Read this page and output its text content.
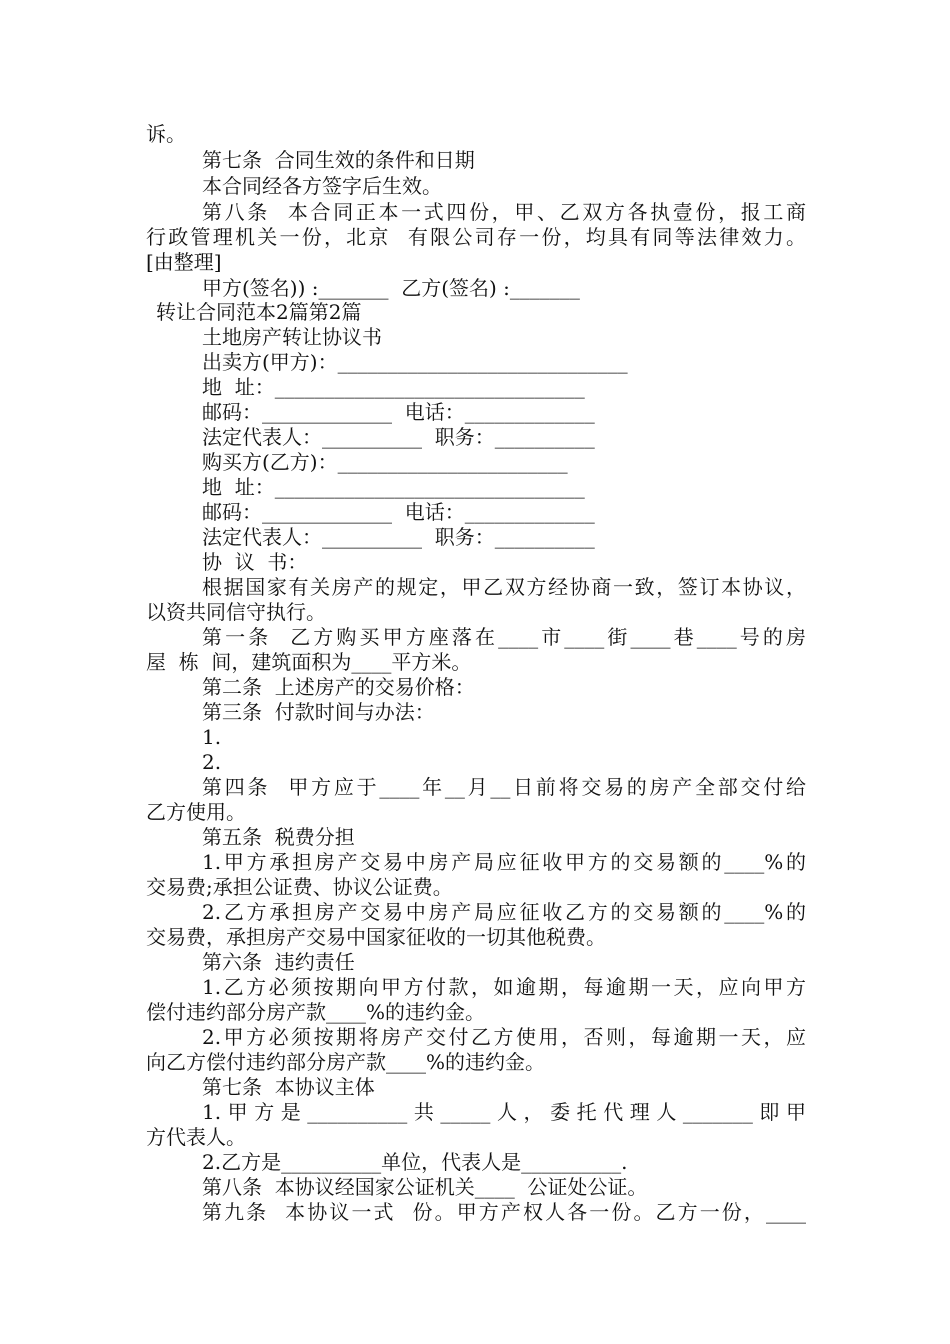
诉。
第七条  合同生效的条件和日期
本合同经各方签字后生效。
第八条  本合同正本一式四份，甲、乙双方各执壹份，报工商
行政管理机关一份，北京  有限公司存一份，均具有同等法律效力。
[由整理]
甲方(签名)) :_______  乙方(签名) :_______
转让合同范本2篇第2篇
土地房产转让协议书
出卖方(甲方)：_____________________________
地  址：_______________________________
邮码：_____________  电话：_____________
法定代表人：__________  职务：__________
购买方(乙方)：_______________________
地  址：_______________________________
邮码：_____________  电话：_____________
法定代表人：__________  职务：__________
协  议  书：
根据国家有关房产的规定，甲乙双方经协商一致，签订本协议，
以资共同信守执行。
第一条  乙方购买甲方座落在____市____街____巷____号的房
屋  栋  间，建筑面积为____平方米。
第二条  上述房产的交易价格：
第三条  付款时间与办法：
1.
2.
第四条  甲方应于____年__月__日前将交易的房产全部交付给
乙方使用。
第五条  税费分担
1.甲方承担房产交易中房产局应征收甲方的交易额的____%的
交易费;承担公证费、协议公证费。
2.乙方承担房产交易中房产局应征收乙方的交易额的____%的
交易费，承担房产交易中国家征收的一切其他税费。
第六条  违约责任
1.乙方必须按期向甲方付款，如逾期，每逾期一天，应向甲方
偿付违约部分房产款____%的违约金。
2.甲方必须按期将房产交付乙方使用，否则，每逾期一天，应
向乙方偿付违约部分房产款____%的违约金。
第七条  本协议主体
1.甲方是__________共_____人，委托代理人_______即甲
方代表人。
2.乙方是__________单位，代表人是__________.
第八条  本协议经国家公证机关____  公证处公证。
第九条  本协议一式  份。甲方产权人各一份。乙方一份，____
